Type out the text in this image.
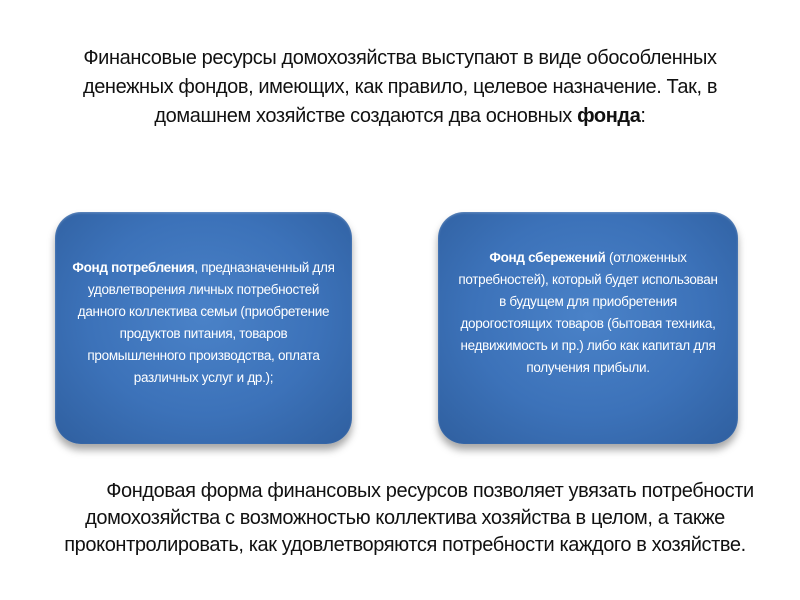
Финансовые ресурсы домохозяйства выступают в виде обособленных денежных фондов, имеющих, как правило, целевое назначение. Так, в домашнем хозяйстве создаются два основных фонда:
Фонд потребления, предназначенный для удовлетворения личных потребностей данного коллектива семьи (приобретение продуктов питания, товаров промышленного производства, оплата различных услуг и др.);
Фонд сбережений (отложенных потребностей), который будет использован в будущем для приобретения дорогостоящих товаров (бытовая техника, недвижимость и пр.) либо как капитал для получения прибыли.
Фондовая форма финансовых ресурсов позволяет увязать потребности домохозяйства с возможностью коллектива хозяйства в целом, а также проконтролировать, как удовлетворяются потребности каждого в хозяйстве.
